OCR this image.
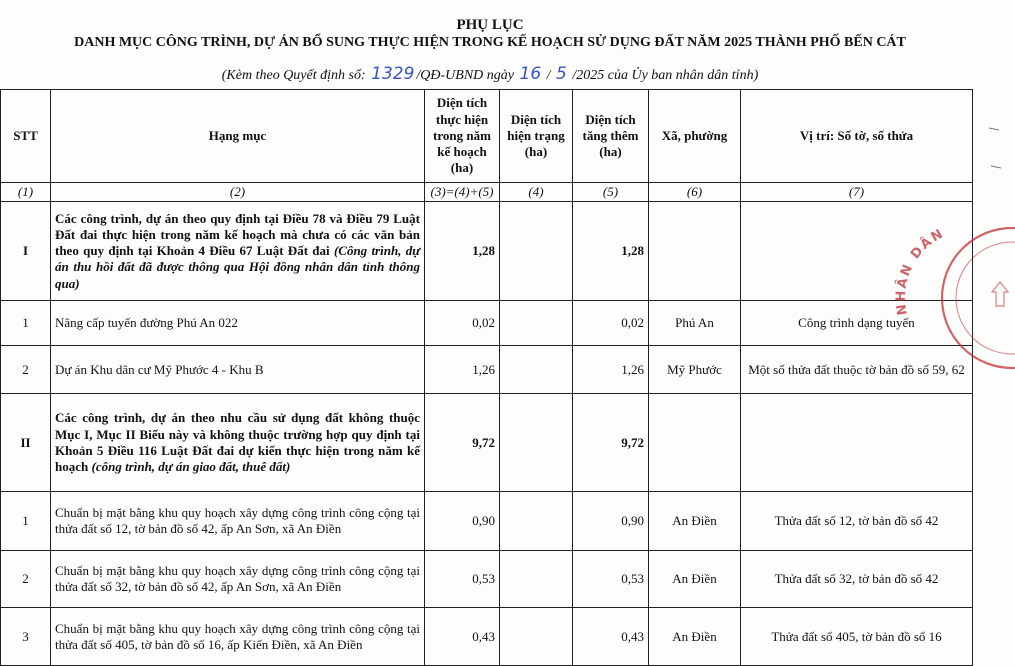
PHỤ LỤC
DANH MỤC CÔNG TRÌNH, DỰ ÁN BỔ SUNG THỰC HIỆN TRONG KẾ HOẠCH SỬ DỤNG ĐẤT NĂM 2025 THÀNH PHỐ BẾN CÁT
(Kèm theo Quyết định số: 1329 /QĐ-UBND ngày 16 / 5 /2025 của Ủy ban nhân dân tỉnh)
STT	Hạng mục	Diện tích thực hiện trong năm kế hoạch (ha)	Diện tích hiện trạng (ha)	Diện tích tăng thêm (ha)	Xã, phường	Vị trí: Số tờ, số thửa
(1)	(2)	(3)=(4)+(5)	(4)	(5)	(6)	(7)
I	Các công trình, dự án theo quy định tại Điều 78 và Điều 79 Luật Đất đai thực hiện trong năm kế hoạch mà chưa có các văn bản theo quy định tại Khoản 4 Điều 67 Luật Đất đai (Công trình, dự án thu hồi đất đã được thông qua Hội đồng nhân dân tỉnh thông qua)	1,28		1,28		
1	Nâng cấp tuyến đường Phú An 022	0,02		0,02	Phú An	Công trình dạng tuyến
2	Dự án Khu dân cư Mỹ Phước 4 - Khu B	1,26		1,26	Mỹ Phước	Một số thửa đất thuộc tờ bản đồ số 59, 62
II	Các công trình, dự án theo nhu cầu sử dụng đất không thuộc Mục I, Mục II Biểu này và không thuộc trường hợp quy định tại Khoản 5 Điều 116 Luật Đất đai dự kiến thực hiện trong năm kế hoạch (công trình, dự án giao đất, thuê đất)	9,72		9,72		
1	Chuẩn bị mặt bằng khu quy hoạch xây dựng công trình công cộng tại thửa đất số 12, tờ bản đồ số 42, ấp An Sơn, xã An Điền	0,90		0,90	An Điền	Thửa đất số 12, tờ bản đồ số 42
2	Chuẩn bị mặt bằng khu quy hoạch xây dựng công trình công cộng tại thửa đất số 32, tờ bản đồ số 42, ấp An Sơn, xã An Điền	0,53		0,53	An Điền	Thửa đất số 32, tờ bản đồ số 42
3	Chuẩn bị mặt bằng khu quy hoạch xây dựng công trình công cộng tại thửa đất số 405, tờ bản đồ số 16, ấp Kiến Điền, xã An Điền	0,43		0,43	An Điền	Thửa đất số 405, tờ bản đồ số 16
NHÂN DÂN
